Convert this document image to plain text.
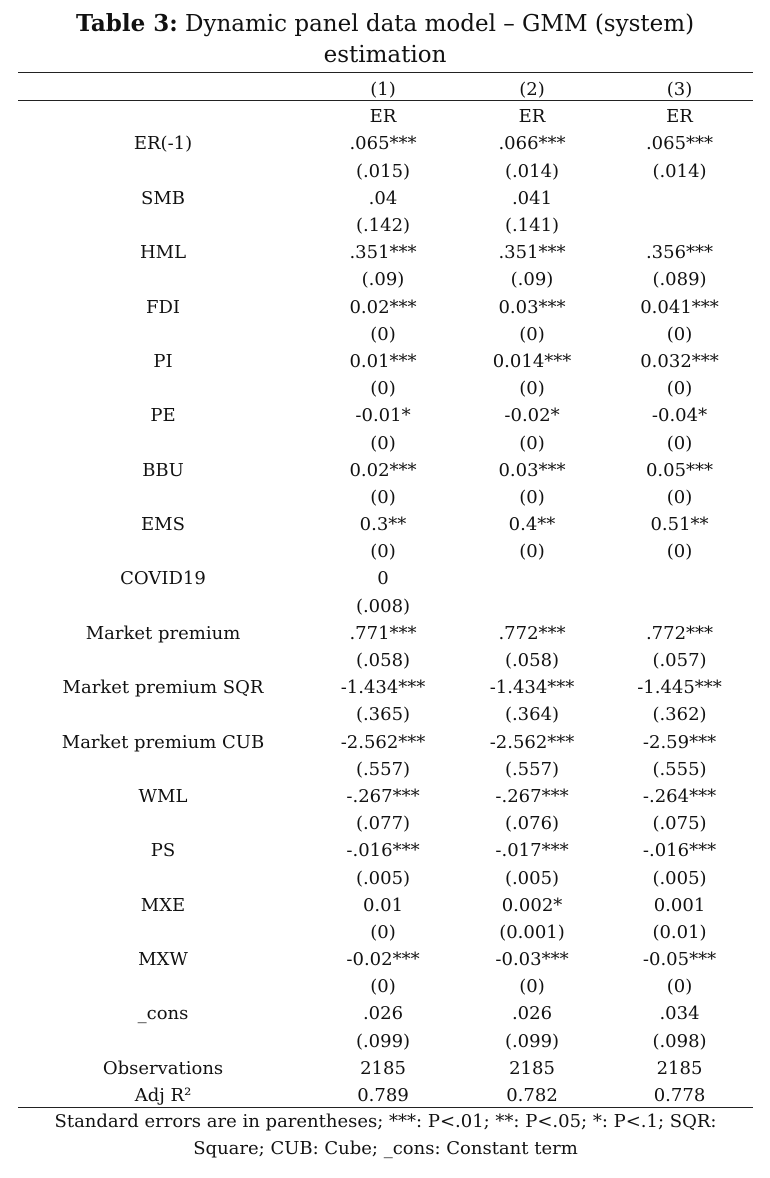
Table 3: Dynamic panel data model – GMM (system)
estimation
	(1)	(2)	(3)
	ER	ER	ER
ER(-1)	.065***	.066***	.065***
	(.015)	(.014)	(.014)
SMB	.04	.041	
	(.142)	(.141)	
HML	.351***	.351***	.356***
	(.09)	(.09)	(.089)
FDI	0.02***	0.03***	0.041***
	(0)	(0)	(0)
PI	0.01***	0.014***	0.032***
	(0)	(0)	(0)
PE	-0.01*	-0.02*	-0.04*
	(0)	(0)	(0)
BBU	0.02***	0.03***	0.05***
	(0)	(0)	(0)
EMS	0.3**	0.4**	0.51**
	(0)	(0)	(0)
COVID19	0		
	(.008)		
Market premium	.771***	.772***	.772***
	(.058)	(.058)	(.057)
Market premium SQR	-1.434***	-1.434***	-1.445***
	(.365)	(.364)	(.362)
Market premium CUB	-2.562***	-2.562***	-2.59***
	(.557)	(.557)	(.555)
WML	-.267***	-.267***	-.264***
	(.077)	(.076)	(.075)
PS	-.016***	-.017***	-.016***
	(.005)	(.005)	(.005)
MXE	0.01	0.002*	0.001
	(0)	(0.001)	(0.01)
MXW	-0.02***	-0.03***	-0.05***
	(0)	(0)	(0)
_cons	.026	.026	.034
	(.099)	(.099)	(.098)
Observations	2185	2185	2185
Adj R²	0.789	0.782	0.778
Standard errors are in parentheses; ***: P<.01; **: P<.05; *: P<.1; SQR:
Square; CUB: Cube; _cons: Constant term
